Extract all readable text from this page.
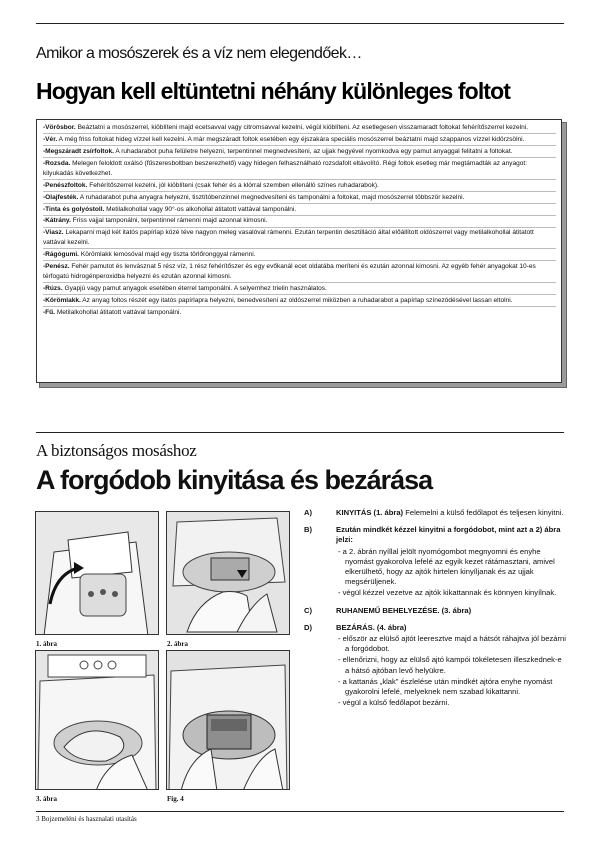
Amikor a mosószerek és a víz nem elegendőek…
Hogyan kell eltüntetni néhány különleges foltot
-Vörösbor. Beáztatni a mosószerrel, kiöblíteni majd ecetsavval vagy citromsavval kezelni, végül kiöblíteni. Az esetlegesen visszamaradt foltokat fehérítőszerrel kezelni.
-Vér. A még friss foltokat hideg vízzel kell kezelni. A már megszáradt foltok esetében egy éjszakára speciális mosószerrel beáztatni majd szappanos vízzel kidörzsölni.
-Megszáradt zsírfoltok. A ruhadarabot puha felületre helyezni, terpentinnel megnedvesíteni, az ujjak hegyével nyomkodva egy pamut anyaggal felitatni a foltokat.
-Rozsda. Melegen feloldott oxálsó (fűszeresboltban beszerezhető) vagy hidegen felhasználható rozsdafolt eltávolító. Régi foltok esetleg már megtámadták az anyagot: kilyukadás következhet.
-Penészfoltok. Fehérítőszerrel kezelni, jól kiöblíteni (csak fehér és a klórral szemben ellenálló színes ruhadarabok).
-Olajfesték. A ruhadarabot puha anyagra helyezni, tisztítóbenzinnel megnedvesíteni és tamponálni a foltokat, majd mosószerrel többször kezelni.
-Tinta és golyóstoll. Metilalkohollal vagy 90°-os alkohollal átitatott vattával tamponálni.
-Kátrány. Friss vajjal tamponálni, terpentinnel rámenni majd azonnal kimosni.
-Viasz. Lekaparni majd két itatós papírlap közé téve nagyon meleg vasalóval rámenni. Ezután terpentin desztilláció által előállított oldószerrel vagy metilalkohollal átitatott vattával kezelni.
-Rágógumi. Körömlakk lemosóval majd egy tiszta törlőronggyal rámenni.
-Penész. Fehér pamutot és lenvásznat 5 rész víz, 1 rész fehérítőszer és egy evőkanál ecet oldatába meríteni és ezután azonnal kimosni. Az egyéb fehér anyagokat 10-es térfogatú hidrogénperoxidba helyezni és ezután azonnal kimosni.
-Rúzs. Gyapjú vagy pamut anyagok esetében éterrel tamponálni. A selyemhez trielin használatos.
-Körömlakk. Az anyag foltos részét egy itatós papírlapra helyezni, benedvesíteni az oldószerrel miközben a ruhadarabot a papírlap színezódésével lassan eltolni.
-Fű. Metilalkohollal átitatott vattával tamponálni.
A biztonságos mosáshoz
A forgódob kinyitása és bezárása
1. ábra	2. ábra
3. ábra	Fig. 4
A)	KINYITÁS (1. ábra) Felemelni a külső fedőlapot és teljesen kinyitni.
B)	Ezután mindkét kézzel kinyitni a forgódobot, mint azt a 2) ábra jelzi:
- a 2. ábrán nyíllal jelölt nyomógombot megnyomni és enyhe nyomást gyakorolva lefelé az egyik kezet rátámasztani, amivel elkerülhető, hogy az ajtók hirtelen kinyíljanak és az ujjak megsérüljenek.
- végül kézzel vezetve az ajtók kikattannak és könnyen kinyílnak.
C)	RUHANEMŰ BEHELYEZÉSE. (3. ábra)
D)	BEZÁRÁS. (4. ábra)
- először az elülső ajtót leeresztve majd a hátsót ráhajtva jól bezárni a forgódobot.
- ellenőrizni, hogy az elülső ajtó kampói tökéletesen illeszkednek-e a hátsó ajtóban levő helyükre.
- a kattanás „klak” észlelése után mindkét ajtóra enyhe nyomást gyakorolni lefelé, melyeknek nem szabad kikattanni.
- végül a külső fedőlapot bezárni.
3 Bojzemeléni és hasznalati utasítás
